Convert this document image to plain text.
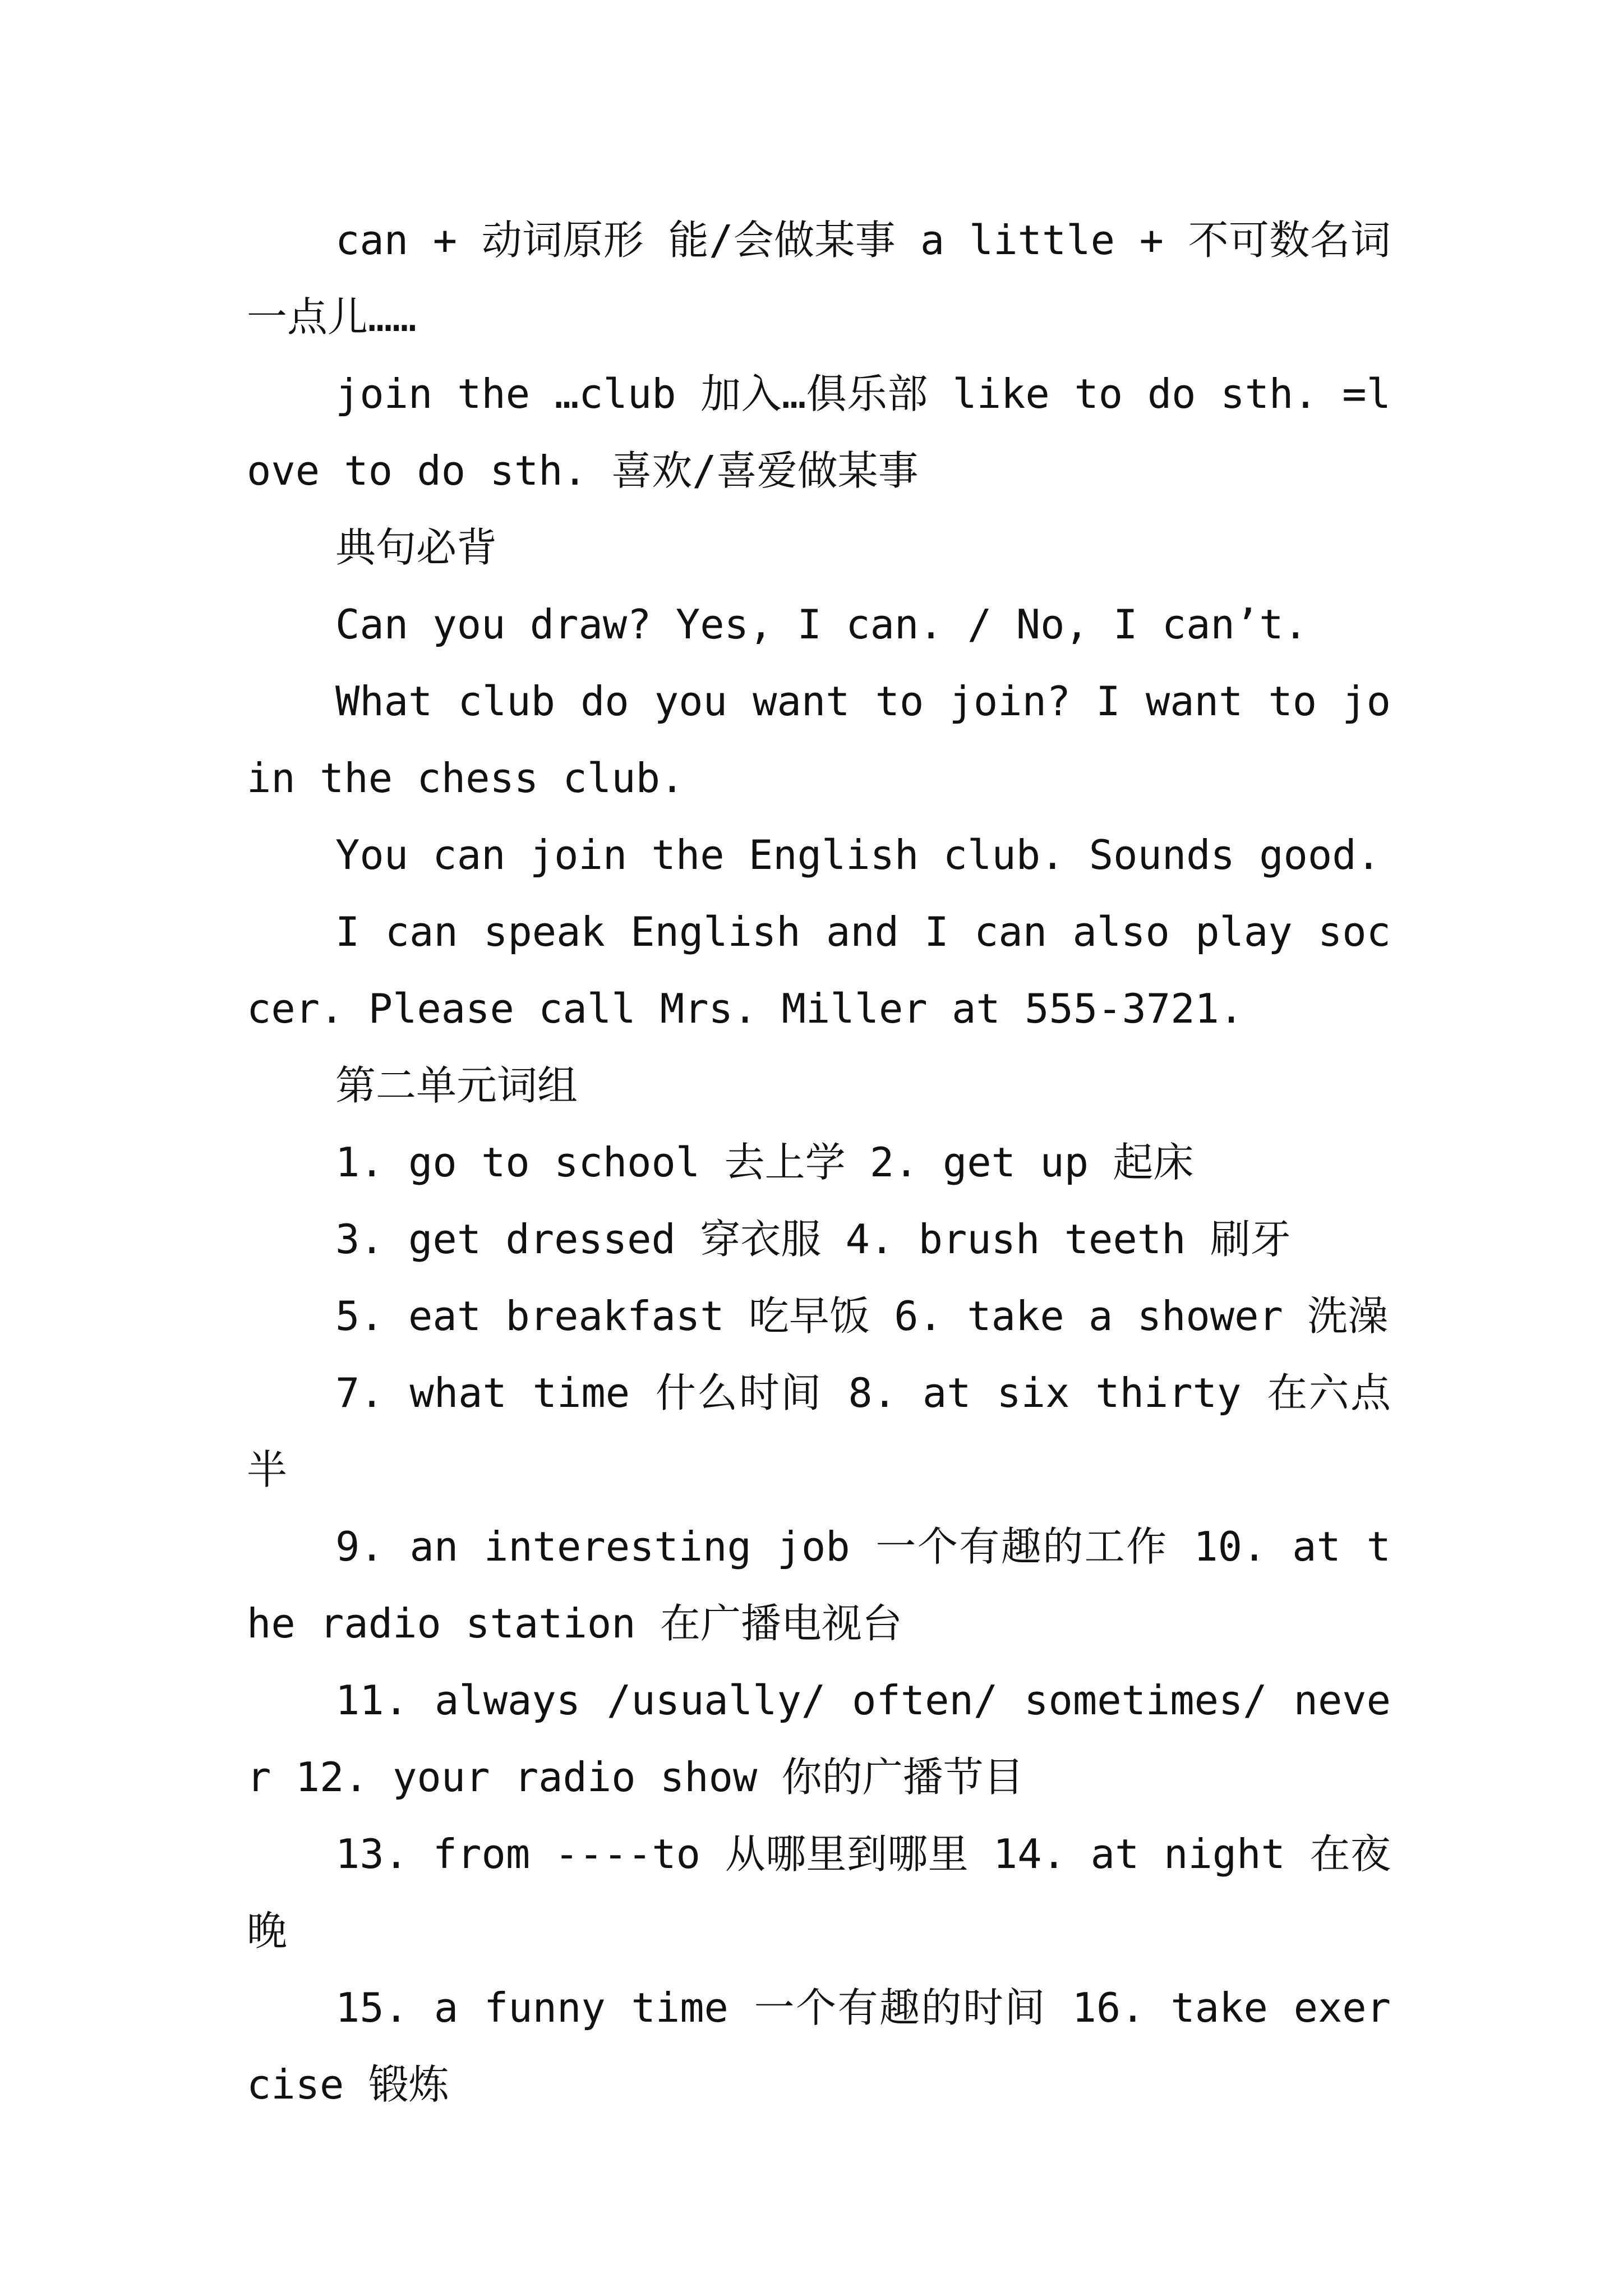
can + 动词原形 能/会做某事 a little + 不可数名词一点儿……

join the …club 加入…俱乐部 like to do sth. =love to do sth. 喜欢/喜爱做某事

典句必背

Can you draw? Yes, I can. / No, I can’t.

What club do you want to join? I want to join the chess club.

You can join the English club. Sounds good.

I can speak English and I can also play soccer. Please call Mrs. Miller at 555-3721.

第二单元词组

1. go to school 去上学 2. get up 起床

3. get dressed 穿衣服 4. brush teeth 刷牙

5. eat breakfast 吃早饭 6. take a shower 洗澡

7. what time 什么时间 8. at six thirty 在六点半

9. an interesting job 一个有趣的工作 10. at the radio station 在广播电视台

11. always /usually/ often/ sometimes/ never 12. your radio show 你的广播节目

13. from ----to 从哪里到哪里 14. at night 在夜晚

15. a funny time 一个有趣的时间 16. take exercise 锻炼
